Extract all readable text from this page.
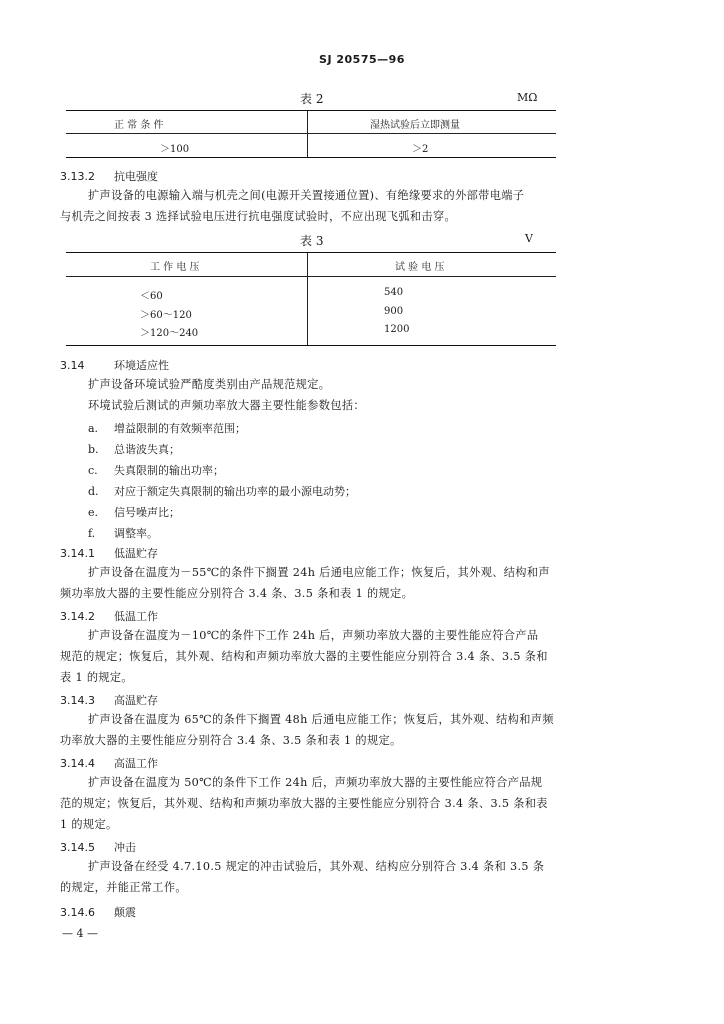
SJ 20575—96
表 2	MΩ
正 常 条 件	湿热试验后立即测量
＞100	＞2
3.13.2 抗电强度
扩声设备的电源输入端与机壳之间(电源开关置接通位置)、有绝缘要求的外部带电端子
与机壳之间按表 3 选择试验电压进行抗电强度试验时，不应出现飞弧和击穿。
表 3	V
工 作 电 压	试 验 电 压
＜60	540
＞60～120	900
＞120～240	1200
3.14	环境适应性
扩声设备环境试验严酷度类别由产品规范规定。
环境试验后测试的声频功率放大器主要性能参数包括：
a. 增益限制的有效频率范围；
b. 总谐波失真；
c. 失真限制的输出功率；
d. 对应于额定失真限制的输出功率的最小源电动势；
e. 信号噪声比；
f. 调整率。
3.14.1 低温贮存
扩声设备在温度为－55℃的条件下搁置 24h 后通电应能工作；恢复后，其外观、结构和声
频功率放大器的主要性能应分别符合 3.4 条、3.5 条和表 1 的规定。
3.14.2 低温工作
扩声设备在温度为－10℃的条件下工作 24h 后，声频功率放大器的主要性能应符合产品
规范的规定；恢复后，其外观、结构和声频功率放大器的主要性能应分别符合 3.4 条、3.5 条和
表 1 的规定。
3.14.3 高温贮存
扩声设备在温度为 65℃的条件下搁置 48h 后通电应能工作；恢复后，其外观、结构和声频
功率放大器的主要性能应分别符合 3.4 条、3.5 条和表 1 的规定。
3.14.4 高温工作
扩声设备在温度为 50℃的条件下工作 24h 后，声频功率放大器的主要性能应符合产品规
范的规定；恢复后，其外观、结构和声频功率放大器的主要性能应分别符合 3.4 条、3.5 条和表
1 的规定。
3.14.5 冲击
扩声设备在经受 4.7.10.5 规定的冲击试验后，其外观、结构应分别符合 3.4 条和 3.5 条
的规定，并能正常工作。
3.14.6 颠震
— 4 —
